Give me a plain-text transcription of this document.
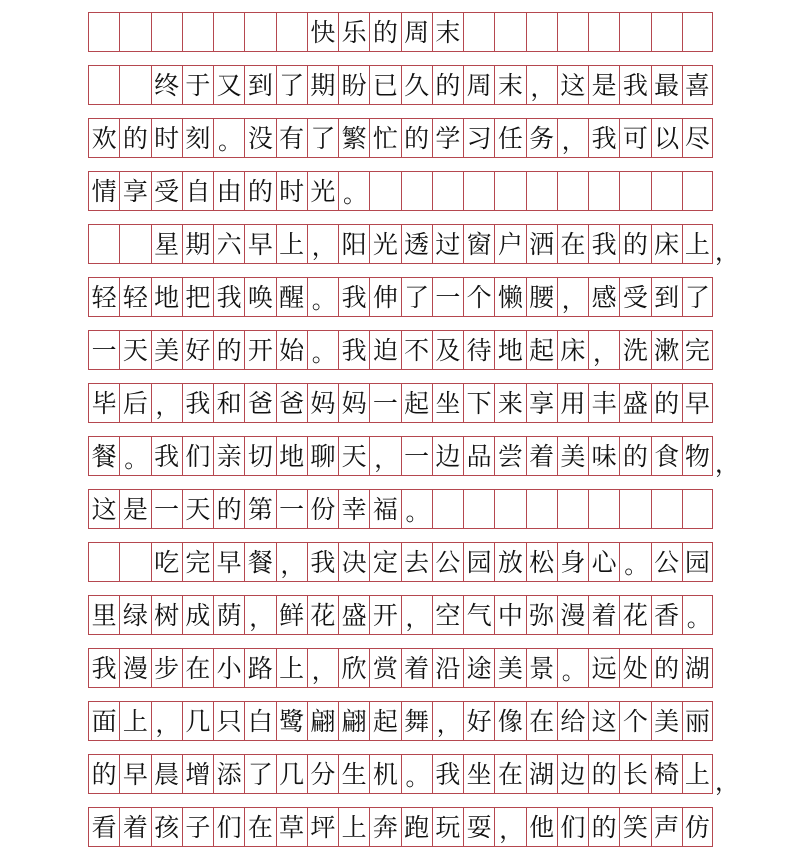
快 乐 的 周 末
终 于 又 到 了 期 盼 已 久 的 周 末 ， 这 是 我 最 喜
欢 的 时 刻 。 没 有 了 繁 忙 的 学 习 任 务 ， 我 可 以 尽
情 享 受 自 由 的 时 光 。
星 期 六 早 上 ， 阳 光 透 过 窗 户 洒 在 我 的 床 上 ，
轻 轻 地 把 我 唤 醒 。 我 伸 了 一 个 懒 腰 ， 感 受 到 了
一 天 美 好 的 开 始 。 我 迫 不 及 待 地 起 床 ， 洗 漱 完
毕 后 ， 我 和 爸 爸 妈 妈 一 起 坐 下 来 享 用 丰 盛 的 早
餐 。 我 们 亲 切 地 聊 天 ， 一 边 品 尝 着 美 味 的 食 物 ，
这 是 一 天 的 第 一 份 幸 福 。
吃 完 早 餐 ， 我 决 定 去 公 园 放 松 身 心 。 公 园
里 绿 树 成 荫 ， 鲜 花 盛 开 ， 空 气 中 弥 漫 着 花 香 。
我 漫 步 在 小 路 上 ， 欣 赏 着 沿 途 美 景 。 远 处 的 湖
面 上 ， 几 只 白 鹭 翩 翩 起 舞 ， 好 像 在 给 这 个 美 丽
的 早 晨 增 添 了 几 分 生 机 。 我 坐 在 湖 边 的 长 椅 上 ，
看 着 孩 子 们 在 草 坪 上 奔 跑 玩 耍 ， 他 们 的 笑 声 仿
